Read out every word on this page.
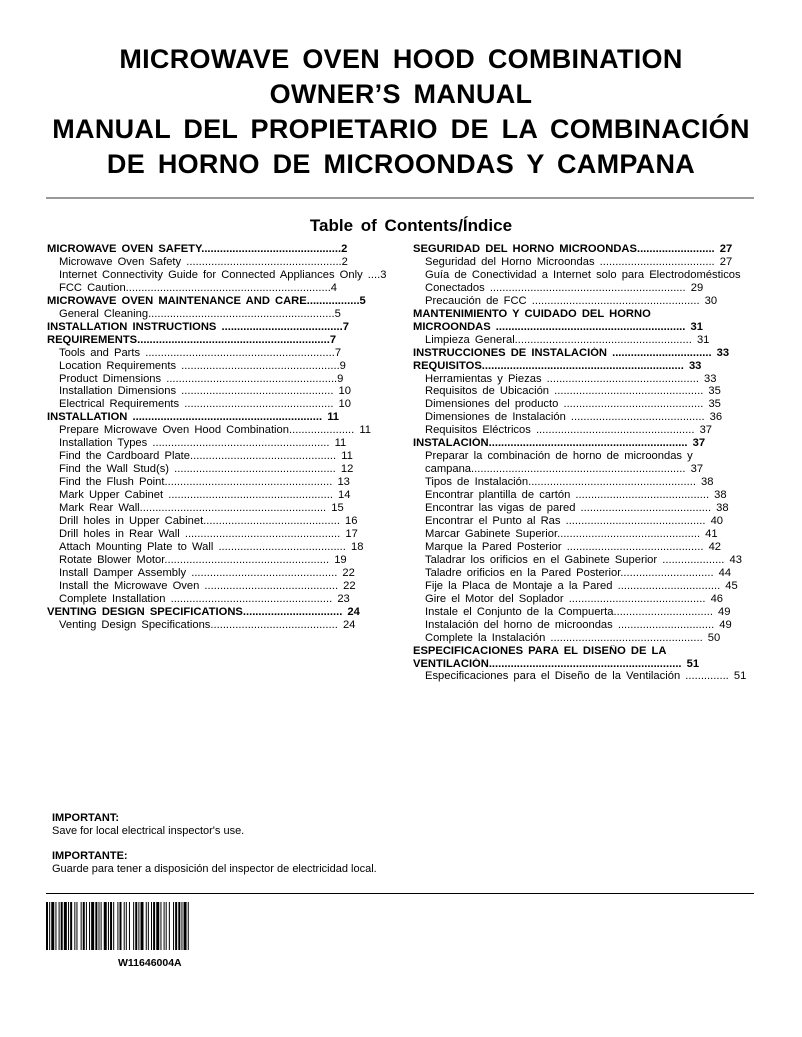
MICROWAVE OVEN HOOD COMBINATION
OWNER’S MANUAL
MANUAL DEL PROPIETARIO DE LA COMBINACIÓN
DE HORNO DE MICROONDAS Y CAMPANA
Table of Contents/Índice
MICROWAVE OVEN SAFETY.............................................2
Microwave Oven Safety ..................................................2
Internet Connectivity Guide for Connected Appliances Only ....3
FCC Caution..................................................................4
MICROWAVE OVEN MAINTENANCE AND CARE.................5
General Cleaning............................................................5
INSTALLATION INSTRUCTIONS .......................................7
REQUIREMENTS..............................................................7
Tools and Parts .............................................................7
Location Requirements ...................................................9
Product Dimensions .......................................................9
Installation Dimensions ................................................. 10
Electrical Requirements ................................................ 10
INSTALLATION ............................................................. 11
Prepare Microwave Oven Hood Combination..................... 11
Installation Types ......................................................... 11
Find the Cardboard Plate............................................... 11
Find the Wall Stud(s) .................................................... 12
Find the Flush Point...................................................... 13
Mark Upper Cabinet ..................................................... 14
Mark Rear Wall............................................................ 15
Drill holes in Upper Cabinet............................................ 16
Drill holes in Rear Wall .................................................. 17
Attach Mounting Plate to Wall ......................................... 18
Rotate Blower Motor..................................................... 19
Install Damper Assembly ............................................... 22
Install the Microwave Oven ........................................... 22
Complete Installation .................................................... 23
VENTING DESIGN SPECIFICATIONS................................ 24
Venting Design Specifications......................................... 24
SEGURIDAD DEL HORNO MICROONDAS......................... 27
Seguridad del Horno Microondas ..................................... 27
Guía de Conectividad a Internet solo para Electrodomésticos
Conectados ............................................................... 29
Precaución de FCC ...................................................... 30
MANTENIMIENTO Y CUIDADO DEL HORNO
MICROONDAS ............................................................. 31
Limpieza General......................................................... 31
INSTRUCCIONES DE INSTALACIÓN ................................ 33
REQUISITOS................................................................. 33
Herramientas y Piezas ................................................. 33
Requisitos de Ubicación ................................................ 35
Dimensiones del producto ............................................. 35
Dimensiones de Instalación ........................................... 36
Requisitos Eléctricos ................................................... 37
INSTALACIÓN................................................................ 37
Preparar la combinación de horno de microondas y
campana..................................................................... 37
Tipos de Instalación...................................................... 38
Encontrar plantilla de cartón ........................................... 38
Encontrar las vigas de pared .......................................... 38
Encontrar el Punto al Ras ............................................. 40
Marcar Gabinete Superior.............................................. 41
Marque la Pared Posterior ............................................ 42
Taladrar los orificios en el Gabinete Superior .................... 43
Taladre orificios en la Pared Posterior.............................. 44
Fije la Placa de Montaje a la Pared ................................. 45
Gire el Motor del Soplador ............................................ 46
Instale el Conjunto de la Compuerta................................ 49
Instalación del horno de microondas ............................... 49
Complete la Instalación ................................................. 50
ESPECIFICACIONES PARA EL DISEÑO DE LA
VENTILACIÓN.............................................................. 51
Especificaciones para el Diseño de la Ventilación .............. 51
IMPORTANT:
Save for local electrical inspector's use.
IMPORTANTE:
Guarde para tener a disposición del inspector de electricidad local.
W11646004A
